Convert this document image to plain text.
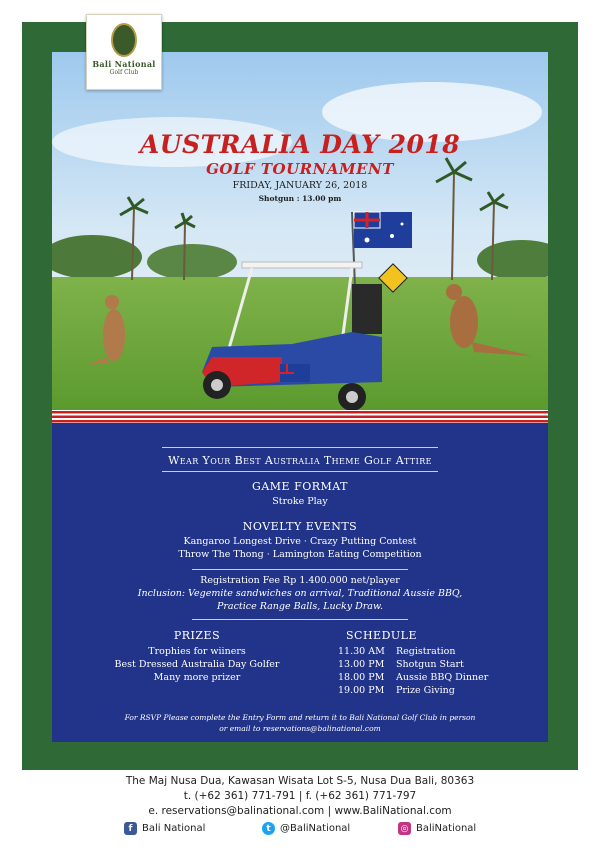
Bali National
Golf Club
AUSTRALIA DAY 2018
GOLF TOURNAMENT
FRIDAY, JANUARY 26, 2018
Shotgun : 13.00 pm
Wear Your Best Australia Theme Golf Attire
GAME FORMAT
Stroke Play
NOVELTY EVENTS
Kangaroo Longest Drive · Crazy Putting Contest
Throw The Thong · Lamington Eating Competition
Registration Fee Rp 1.400.000 net/player
Inclusion: Vegemite sandwiches on arrival, Traditional Aussie BBQ,
Practice Range Balls, Lucky Draw.
PRIZES
Trophies for wiiners
Best Dressed Australia Day Golfer
Many more prizer
SCHEDULE
11.30 AM	Registration
13.00 PM	Shotgun Start
18.00 PM	Aussie BBQ Dinner
19.00 PM	Prize Giving
For RSVP Please complete the Entry Form and return it to Bali National Golf Club in person
or email to reservations@balinational.com
The Maj Nusa Dua, Kawasan Wisata Lot S-5, Nusa Dua Bali, 80363
t. (+62 361) 771-791 | f. (+62 361) 771-797
e. reservations@balinational.com | www.BaliNational.com
f Bali National	t @BaliNational	◎ BaliNational
